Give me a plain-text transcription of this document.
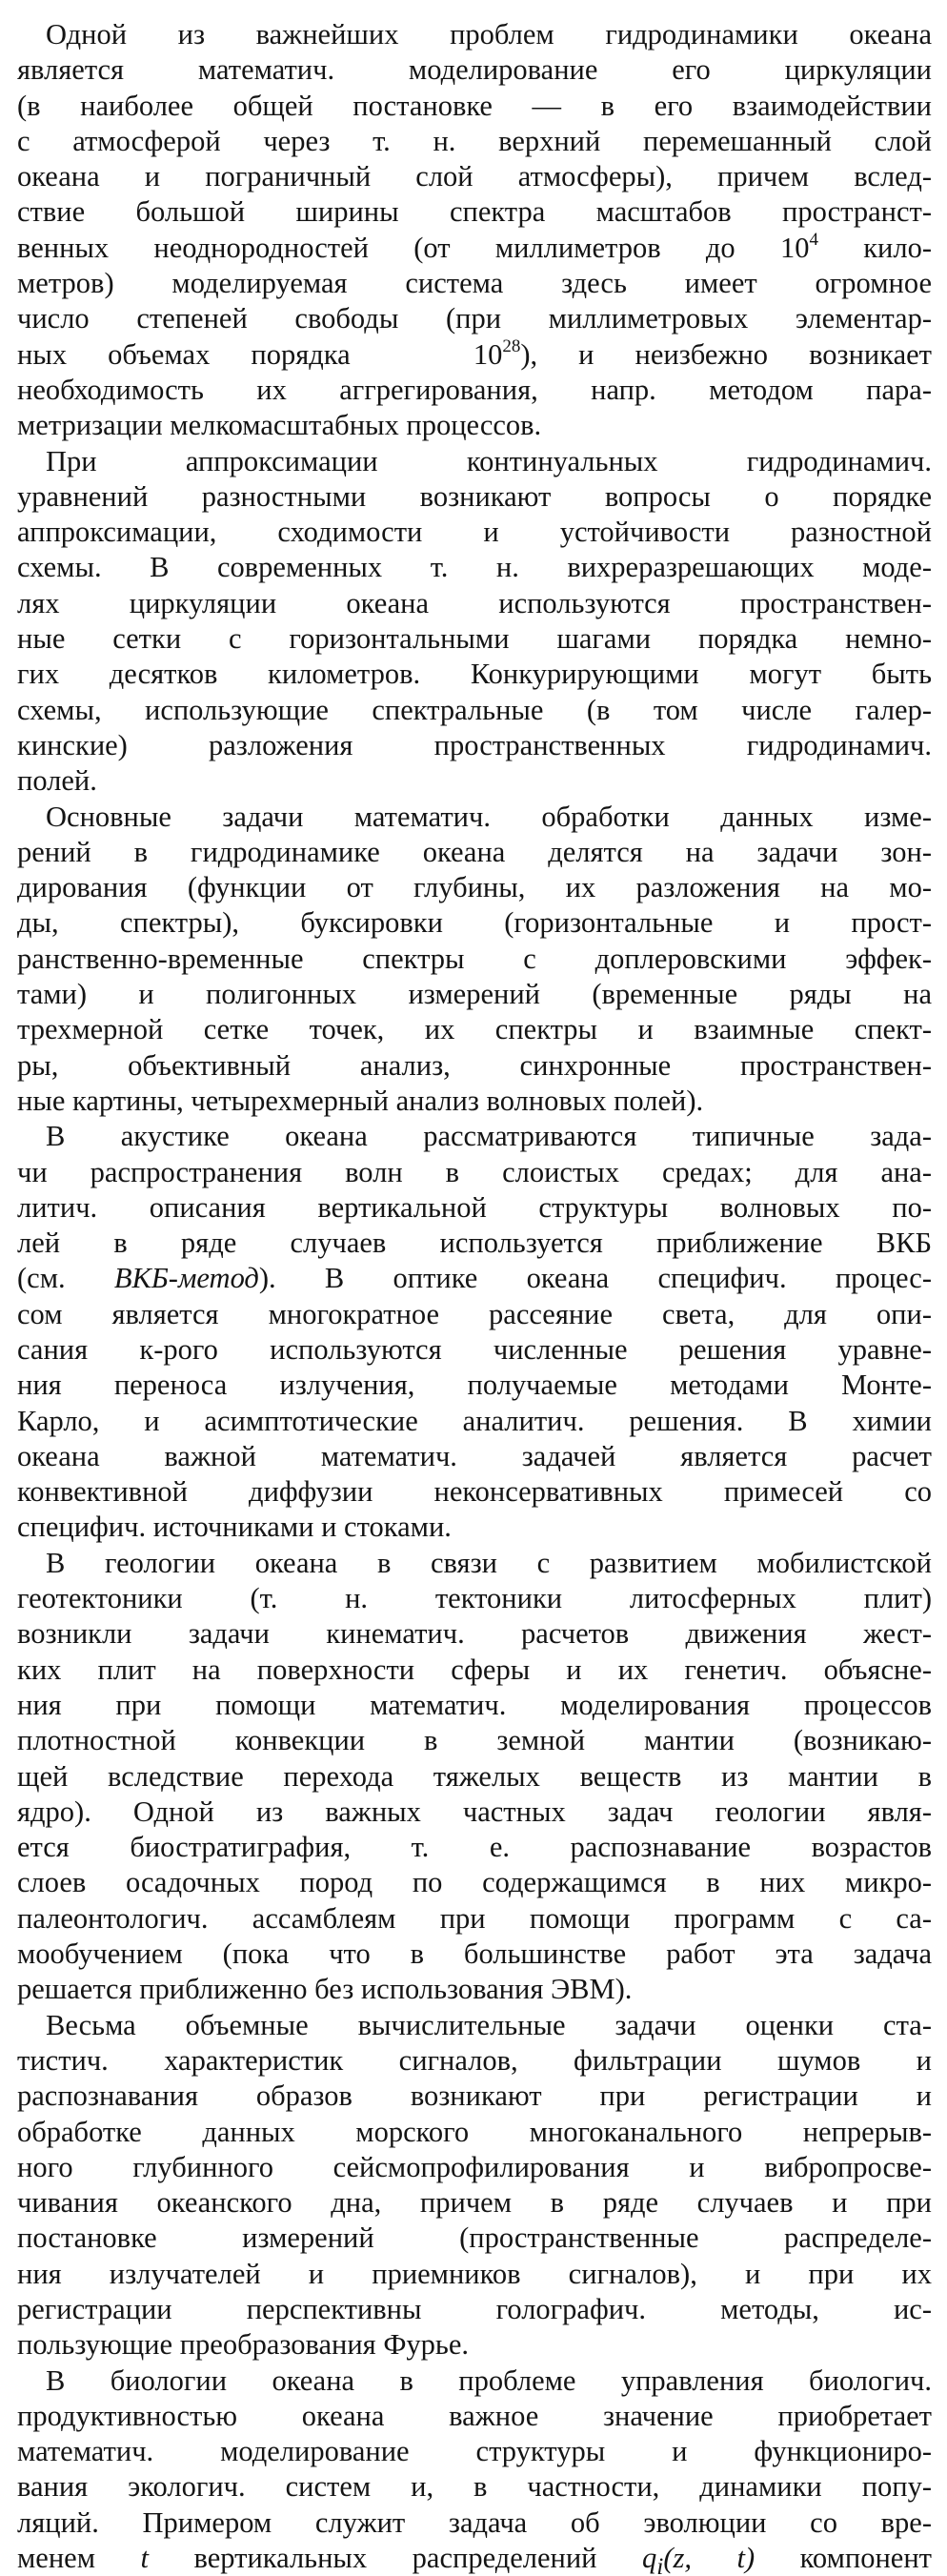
Одной из важнейших проблем гидродинамики океана
является математич. моделирование его циркуляции
(в наиболее общей постановке — в его взаимодействии
с атмосферой через т. н. верхний перемешанный слой
океана и пограничный слой атмосферы), причем вслед-
ствие большой ширины спектра масштабов пространст-
венных неоднородностей (от миллиметров до $10^4$ кило-
метров) моделируемая система здесь имеет огромное
число степеней свободы (при миллиметровых элементар-
ных объемах порядка	$10^{28}$), и неизбежно возникает
необходимость их аггрегирования, напр. методом пара-
метризации мелкомасштабных процессов.
При аппроксимации континуальных гидродинамич.
уравнений разностными возникают вопросы о порядке
аппроксимации, сходимости и устойчивости разностной
схемы. В современных т. н. вихреразрешающих моде-
лях циркуляции океана используются пространствен-
ные сетки с горизонтальными шагами порядка немно-
гих десятков километров. Конкурирующими могут быть
схемы, использующие спектральные (в том числе галер-
кинские) разложения пространственных гидродинамич.
полей.
Основные задачи математич. обработки данных изме-
рений в гидродинамике океана делятся на задачи зон-
дирования (функции от глубины, их разложения на мо-
ды, спектры), буксировки (горизонтальные и прост-
ранственно-временные спектры с доплеровскими эффек-
тами) и полигонных измерений (временные ряды на
трехмерной сетке точек, их спектры и взаимные спект-
ры, объективный анализ, синхронные пространствен-
ные картины, четырехмерный анализ волновых полей).
В акустике океана рассматриваются типичные зада-
чи распространения волн в слоистых средах; для ана-
литич. описания вертикальной структуры волновых по-
лей в ряде случаев используется приближение ВКБ
(см. ВКБ-метод). В оптике океана специфич. процес-
сом является многократное рассеяние света, для опи-
сания к-рого используются численные решения уравне-
ния переноса излучения, получаемые методами Монте-
Карло, и асимптотические аналитич. решения. В химии
океана важной математич. задачей является расчет
конвективной диффузии неконсервативных примесей со
специфич. источниками и стоками.
В геологии океана в связи с развитием мобилистской
геотектоники (т. н. тектоники литосферных плит)
возникли задачи кинематич. расчетов движения жест-
ких плит на поверхности сферы и их генетич. объясне-
ния при помощи математич. моделирования процессов
плотностной конвекции в земной мантии (возникаю-
щей вследствие перехода тяжелых веществ из мантии в
ядро). Одной из важных частных задач геологии явля-
ется биостратиграфия, т. е. распознавание возрастов
слоев осадочных пород по содержащимся в них микро-
палеонтологич. ассамблеям при помощи программ с са-
мообучением (пока что в большинстве работ эта задача
решается приближенно без использования ЭВМ).
Весьма объемные вычислительные задачи оценки ста-
тистич. характеристик сигналов, фильтрации шумов и
распознавания образов возникают при регистрации и
обработке данных морского многоканального непрерыв-
ного глубинного сейсмопрофилирования и вибропросве-
чивания океанского дна, причем в ряде случаев и при
постановке измерений (пространственные распределе-
ния излучателей и приемников сигналов), и при их
регистрации перспективны голографич. методы, ис-
пользующие преобразования Фурье.
В биологии океана в проблеме управления биологич.
продуктивностью океана важное значение приобретает
математич. моделирование структуры и функциониро-
вания экологич. систем и, в частности, динамики попу-
ляций. Примером служит задача об эволюции со вре-
менем t вертикальных распределений $q_i(z$, t) компонент
